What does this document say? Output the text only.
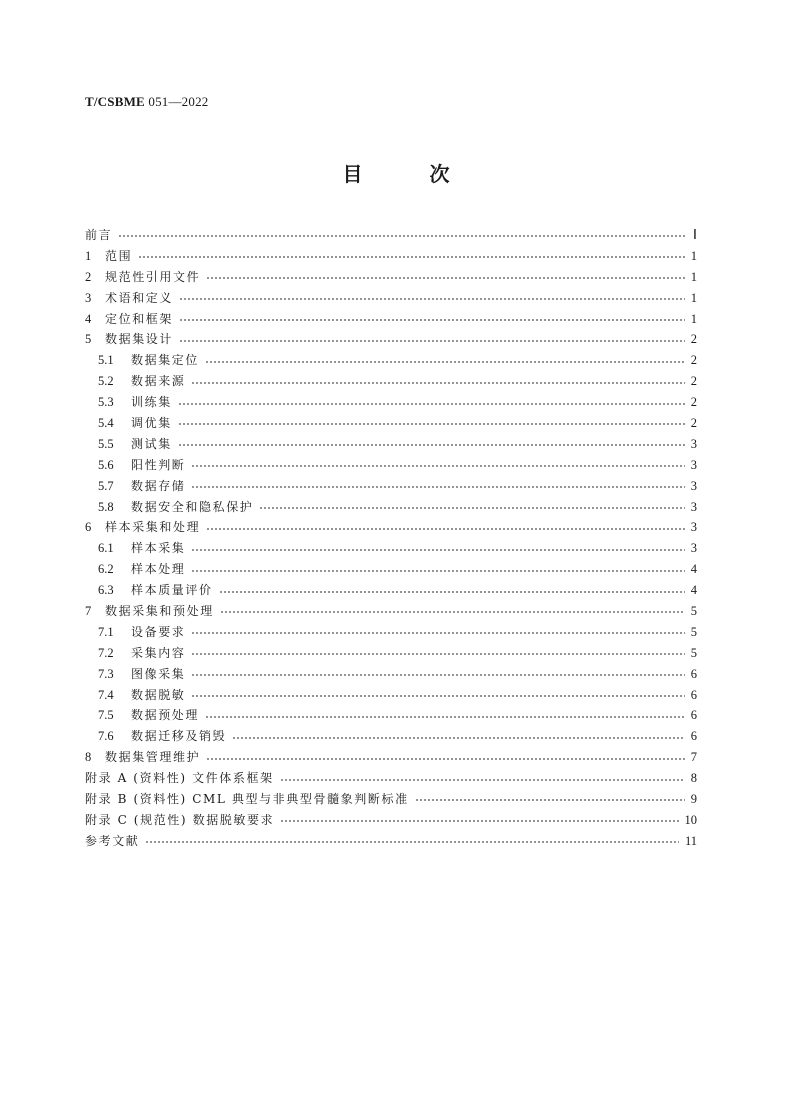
T/CSBME 051—2022
目 次
前言	Ⅰ
1	范围	1
2	规范性引用文件	1
3	术语和定义	1
4	定位和框架	1
5	数据集设计	2
5.1	数据集定位	2
5.2	数据来源	2
5.3	训练集	2
5.4	调优集	2
5.5	测试集	3
5.6	阳性判断	3
5.7	数据存储	3
5.8	数据安全和隐私保护	3
6	样本采集和处理	3
6.1	样本采集	3
6.2	样本处理	4
6.3	样本质量评价	4
7	数据采集和预处理	5
7.1	设备要求	5
7.2	采集内容	5
7.3	图像采集	6
7.4	数据脱敏	6
7.5	数据预处理	6
7.6	数据迁移及销毁	6
8	数据集管理维护	7
附录 A (资料性) 文件体系框架	8
附录 B (资料性) CML 典型与非典型骨髓象判断标准	9
附录 C (规范性) 数据脱敏要求	10
参考文献	11
